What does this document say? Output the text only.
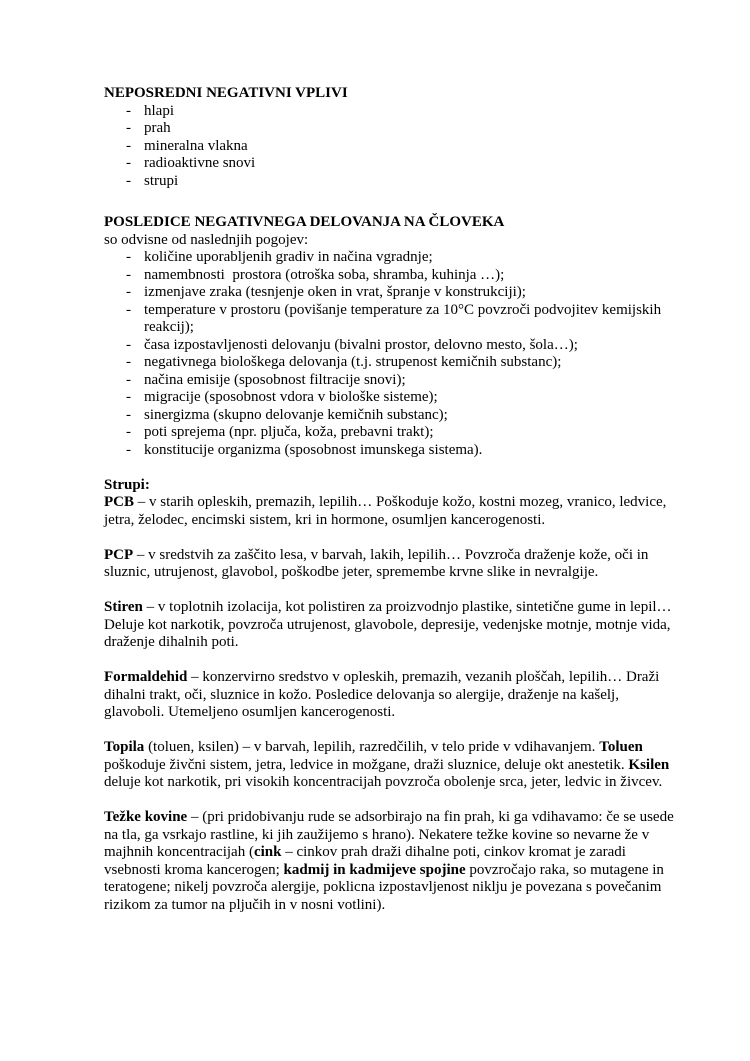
NEPOSREDNI NEGATIVNI VPLIVI
- hlapi
- prah
- mineralna vlakna
- radioaktivne snovi
- strupi
POSLEDICE NEGATIVNEGA DELOVANJA NA ČLOVEKA

so odvisne od naslednjih pogojev:

- količine uporabljenih gradiv in načina vgradnje;
- namembnosti  prostora (otroška soba, shramba, kuhinja …);
- izmenjave zraka (tesnjenje oken in vrat, špranje v konstrukciji);
- temperature v prostoru (povišanje temperature za 10°C povzroči podvojitev kemijskih reakcij);
- časa izpostavljenosti delovanju (bivalni prostor, delovno mesto, šola…);
- negativnega biološkega delovanja (t.j. strupenost kemičnih substanc);
- načina emisije (sposobnost filtracije snovi);
- migracije (sposobnost vdora v biološke sisteme);
- sinergizma (skupno delovanje kemičnih substanc);
- poti sprejema (npr. pljuča, koža, prebavni trakt);
- konstitucije organizma (sposobnost imunskega sistema).
Strupi:

PCB – v starih opleskih, premazih, lepilih… Poškoduje kožo, kostni mozeg, vranico, ledvice, jetra, želodec, encimski sistem, kri in hormone, osumljen kancerogenosti.

PCP – v sredstvih za zaščito lesa, v barvah, lakih, lepilih… Povzroča draženje kože, oči in sluznic, utrujenost, glavobol, poškodbe jeter, spremembe krvne slike in nevralgije.

Stiren – v toplotnih izolacija, kot polistiren za proizvodnjo plastike, sintetične gume in lepil… Deluje kot narkotik, povzroča utrujenost, glavobole, depresije, vedenjske motnje, motnje vida, draženje dihalnih poti.

Formaldehid – konzervirno sredstvo v opleskih, premazih, vezanih ploščah, lepilih… Draži dihalni trakt, oči, sluznice in kožo. Posledice delovanja so alergije, draženje na kašelj, glavoboli. Utemeljeno osumljen kancerogenosti.

Topila (toluen, ksilen) – v barvah, lepilih, razredčilih, v telo pride v vdihavanjem. Toluen poškoduje živčni sistem, jetra, ledvice in možgane, draži sluznice, deluje okt anestetik. Ksilen deluje kot narkotik, pri visokih koncentracijah povzroča obolenje srca, jeter, ledvic in živcev.

Težke kovine – (pri pridobivanju rude se adsorbirajo na fin prah, ki ga vdihavamo: če se usede na tla, ga vsrkajo rastline, ki jih zaužijemo s hrano). Nekatere težke kovine so nevarne že v majhnih koncentracijah (cink – cinkov prah draži dihalne poti, cinkov kromat je zaradi vsebnosti kroma kancerogen; kadmij in kadmijeve spojine povzročajo raka, so mutagene in teratogene; nikelj povzroča alergije, poklicna izpostavljenost niklju je povezana s povečanim rizikom za tumor na pljučih in v nosni votlini).
